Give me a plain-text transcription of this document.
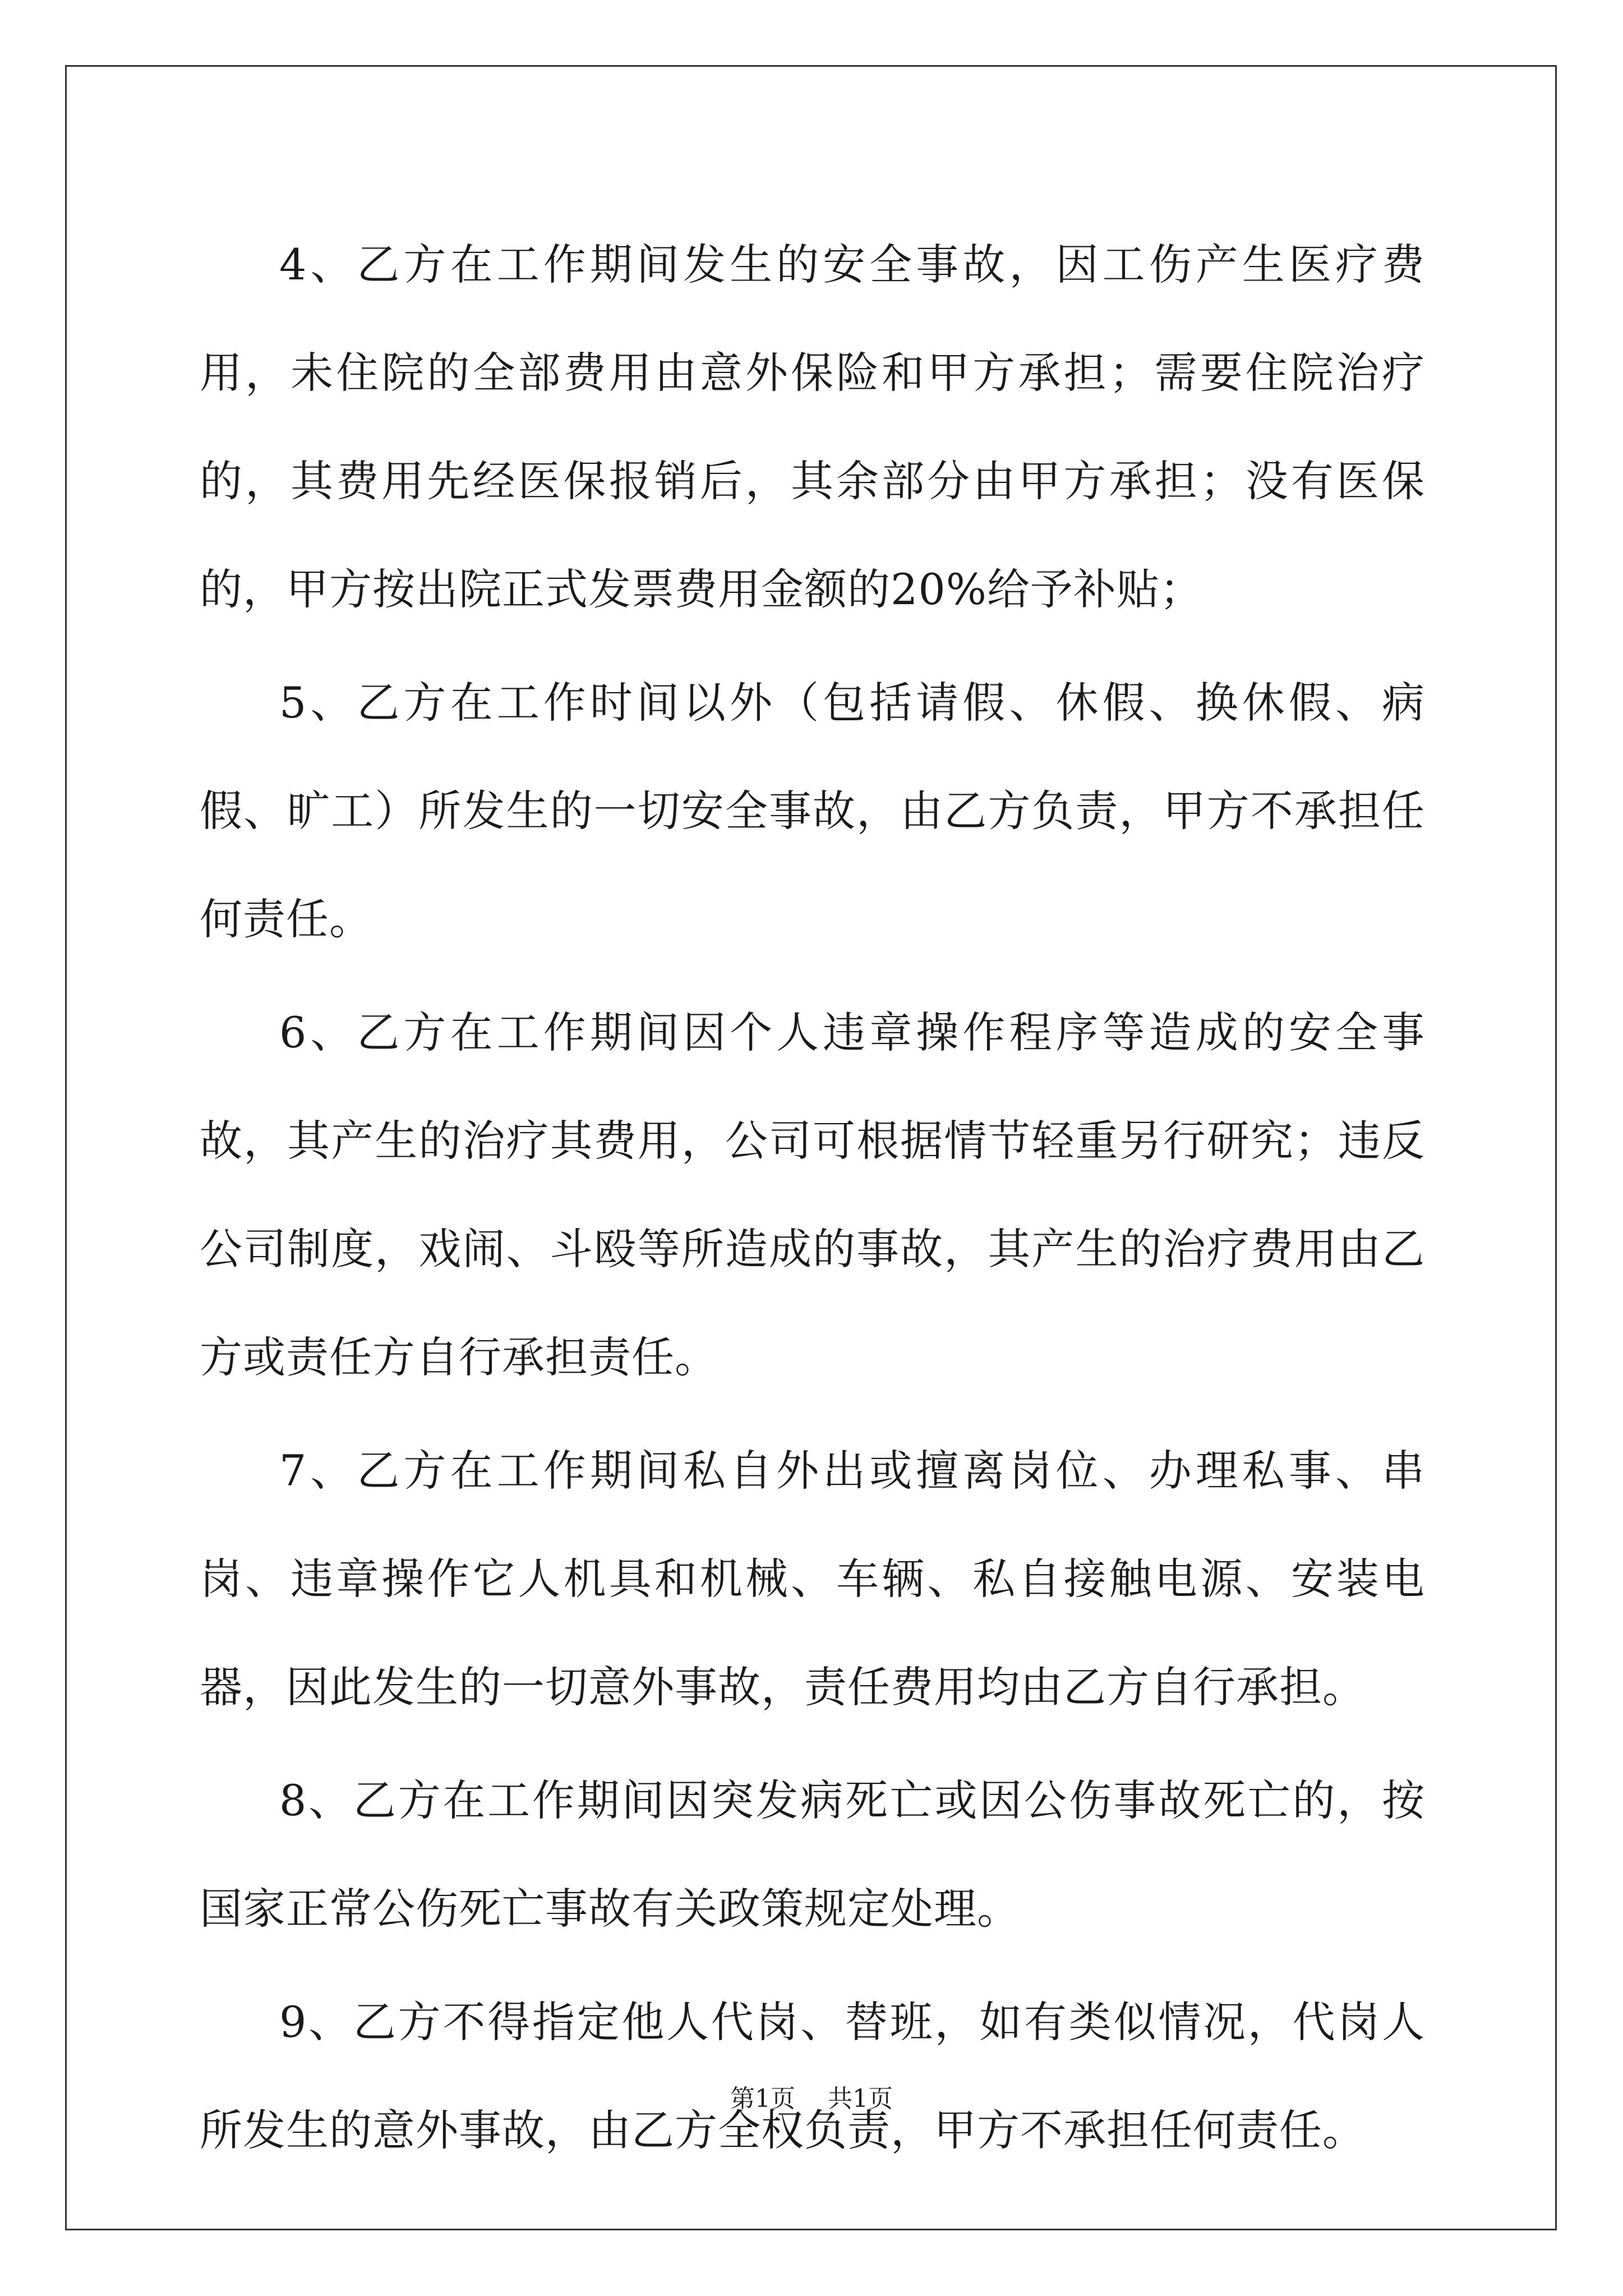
4、乙方在工作期间发生的安全事故，因工伤产生医疗费用，未住院的全部费用由意外保险和甲方承担；需要住院治疗的，其费用先经医保报销后，其余部分由甲方承担；没有医保的，甲方按出院正式发票费用金额的20%给予补贴；

5、乙方在工作时间以外（包括请假、休假、换休假、病假、旷工）所发生的一切安全事故，由乙方负责，甲方不承担任何责任。

6、乙方在工作期间因个人违章操作程序等造成的安全事故，其产生的治疗其费用，公司可根据情节轻重另行研究；违反公司制度，戏闹、斗殴等所造成的事故，其产生的治疗费用由乙方或责任方自行承担责任。

7、乙方在工作期间私自外出或擅离岗位、办理私事、串岗、违章操作它人机具和机械、车辆、私自接触电源、安装电器，因此发生的一切意外事故，责任费用均由乙方自行承担。

8、乙方在工作期间因突发病死亡或因公伤事故死亡的，按国家正常公伤死亡事故有关政策规定处理。

9、乙方不得指定他人代岗、替班，如有类似情况，代岗人所发生的意外事故，由乙方全权负责，甲方不承担任何责任。

第1页 共1页
